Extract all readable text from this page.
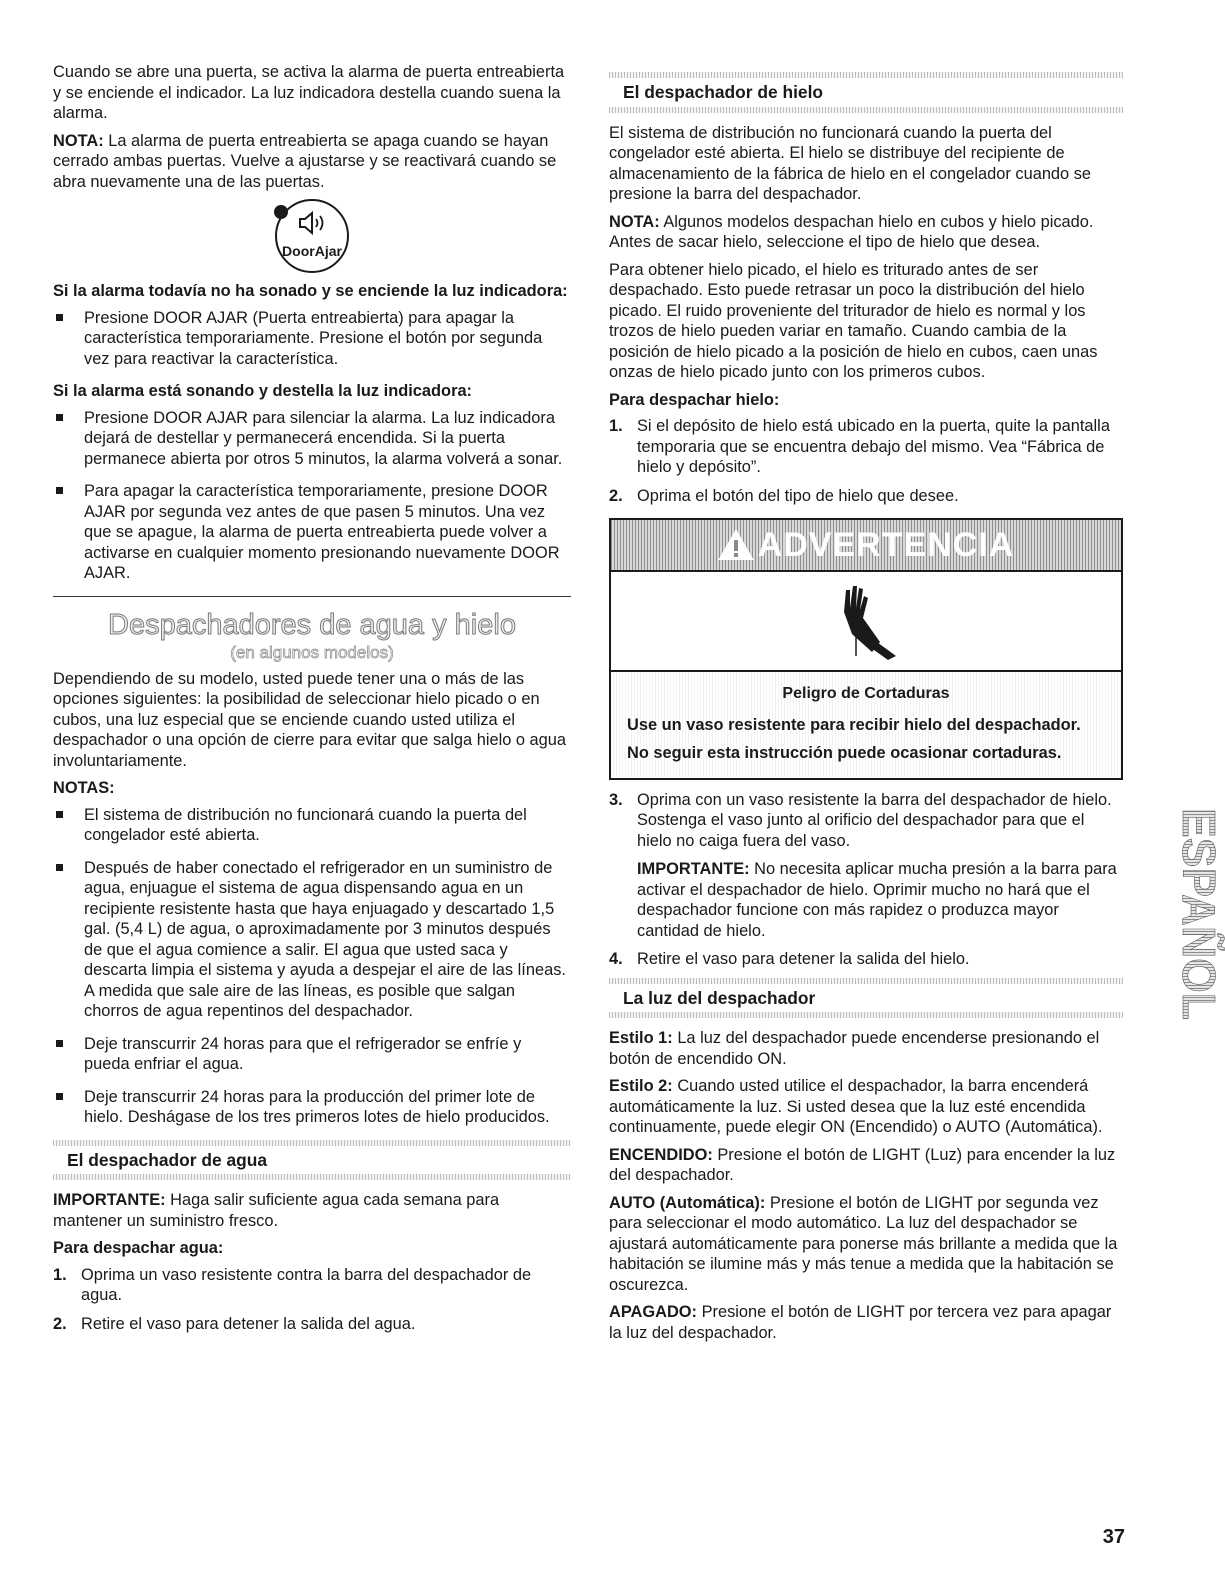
Cuando se abre una puerta, se activa la alarma de puerta entreabierta y se enciende el indicador. La luz indicadora destella cuando suena la alarma.

NOTA: La alarma de puerta entreabierta se apaga cuando se hayan cerrado ambas puertas. Vuelve a ajustarse y se reactivará cuando se abra nuevamente una de las puertas.

DoorAjar

Si la alarma todavía no ha sonado y se enciende la luz indicadora:

Presione DOOR AJAR (Puerta entreabierta) para apagar la característica temporariamente. Presione el botón por segunda vez para reactivar la característica.

Si la alarma está sonando y destella la luz indicadora:

Presione DOOR AJAR para silenciar la alarma. La luz indicadora dejará de destellar y permanecerá encendida. Si la puerta permanece abierta por otros 5 minutos, la alarma volverá a sonar.
Para apagar la característica temporariamente, presione DOOR AJAR por segunda vez antes de que pasen 5 minutos. Una vez que se apague, la alarma de puerta entreabierta puede volver a activarse en cualquier momento presionando nuevamente DOOR AJAR.
Despachadores de agua y hielo
(en algunos modelos)

Dependiendo de su modelo, usted puede tener una o más de las opciones siguientes: la posibilidad de seleccionar hielo picado o en cubos, una luz especial que se enciende cuando usted utiliza el despachador o una opción de cierre para evitar que salga hielo o agua involuntariamente.

NOTAS:

El sistema de distribución no funcionará cuando la puerta del congelador esté abierta.
Después de haber conectado el refrigerador en un suministro de agua, enjuague el sistema de agua dispensando agua en un recipiente resistente hasta que haya enjuagado y descartado 1,5 gal. (5,4 L) de agua, o aproximadamente por 3 minutos después de que el agua comience a salir. El agua que usted saca y descarta limpia el sistema y ayuda a despejar el aire de las líneas. A medida que sale aire de las líneas, es posible que salgan chorros de agua repentinos del despachador.
Deje transcurrir 24 horas para que el refrigerador se enfríe y pueda enfriar el agua.
Deje transcurrir 24 horas para la producción del primer lote de hielo. Deshágase de los tres primeros lotes de hielo producidos.
El despachador de agua

IMPORTANTE: Haga salir suficiente agua cada semana para mantener un suministro fresco.

Para despachar agua:

1. Oprima un vaso resistente contra la barra del despachador de agua.
2. Retire el vaso para detener la salida del agua.
El despachador de hielo

El sistema de distribución no funcionará cuando la puerta del congelador esté abierta. El hielo se distribuye del recipiente de almacenamiento de la fábrica de hielo en el congelador cuando se presione la barra del despachador.

NOTA: Algunos modelos despachan hielo en cubos y hielo picado. Antes de sacar hielo, seleccione el tipo de hielo que desea.

Para obtener hielo picado, el hielo es triturado antes de ser despachado. Esto puede retrasar un poco la distribución del hielo picado. El ruido proveniente del triturador de hielo es normal y los trozos de hielo pueden variar en tamaño. Cuando cambia de la posición de hielo picado a la posición de hielo en cubos, caen unas onzas de hielo picado junto con los primeros cubos.

Para despachar hielo:

1. Si el depósito de hielo está ubicado en la puerta, quite la pantalla temporaria que se encuentra debajo del mismo. Vea “Fábrica de hielo y depósito”.
2. Oprima el botón del tipo de hielo que desee.
ADVERTENCIA
Peligro de Cortaduras
Use un vaso resistente para recibir hielo del despachador.
No seguir esta instrucción puede ocasionar cortaduras.
3. Oprima con un vaso resistente la barra del despachador de hielo. Sostenga el vaso junto al orificio del despachador para que el hielo no caiga fuera del vaso.

IMPORTANTE: No necesita aplicar mucha presión a la barra para activar el despachador de hielo. Oprimir mucho no hará que el despachador funcione con más rapidez o produzca mayor cantidad de hielo.

4. Retire el vaso para detener la salida del hielo.
La luz del despachador

Estilo 1: La luz del despachador puede encenderse presionando el botón de encendido ON.

Estilo 2: Cuando usted utilice el despachador, la barra encenderá automáticamente la luz. Si usted desea que la luz esté encendida continuamente, puede elegir ON (Encendido) o AUTO (Automática).

ENCENDIDO: Presione el botón de LIGHT (Luz) para encender la luz del despachador.

AUTO (Automática): Presione el botón de LIGHT por segunda vez para seleccionar el modo automático. La luz del despachador se ajustará automáticamente para ponerse más brillante a medida que la habitación se ilumine más y más tenue a medida que la habitación se oscurezca.

APAGADO: Presione el botón de LIGHT por tercera vez para apagar la luz del despachador.

ESPAÑOL
37
